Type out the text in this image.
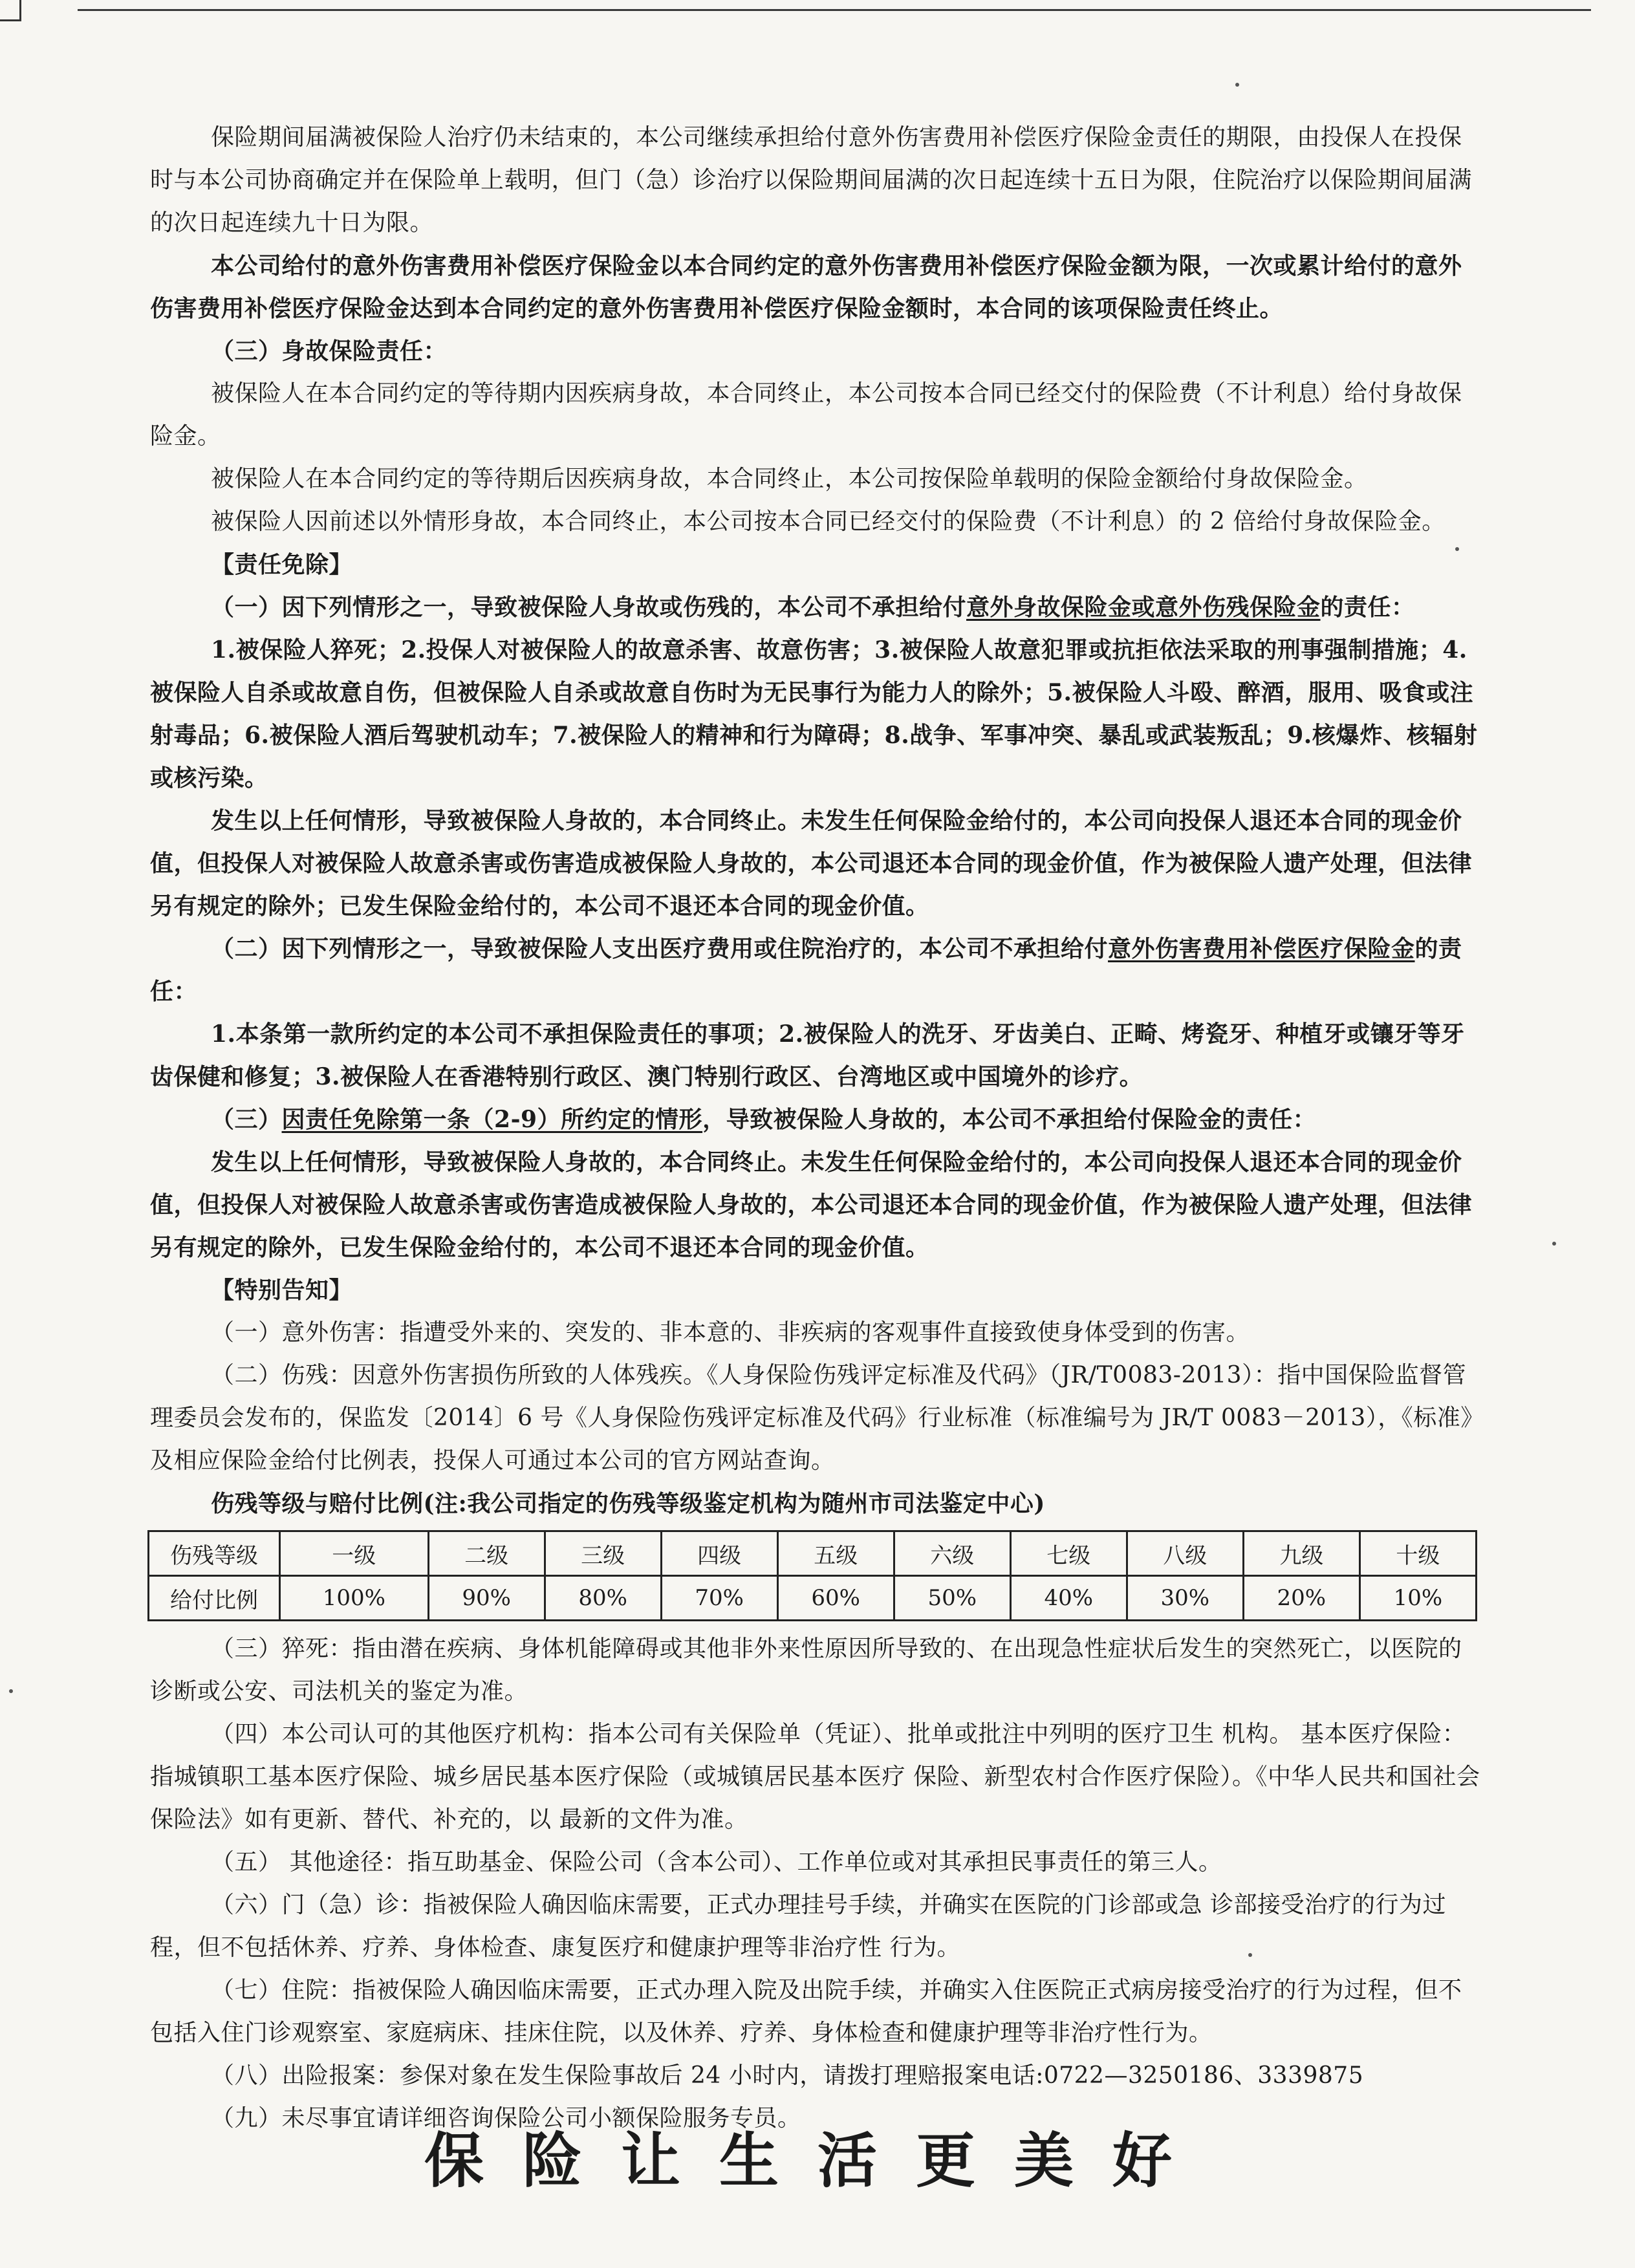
保险期间届满被保险人治疗仍未结束的，本公司继续承担给付意外伤害费用补偿医疗保险金责任的期限，由投保人在投保时与本公司协商确定并在保险单上载明，但门（急）诊治疗以保险期间届满的次日起连续十五日为限，住院治疗以保险期间届满的次日起连续九十日为限。

本公司给付的意外伤害费用补偿医疗保险金以本合同约定的意外伤害费用补偿医疗保险金额为限，一次或累计给付的意外伤害费用补偿医疗保险金达到本合同约定的意外伤害费用补偿医疗保险金额时，本合同的该项保险责任终止。

（三）身故保险责任：

被保险人在本合同约定的等待期内因疾病身故，本合同终止，本公司按本合同已经交付的保险费（不计利息）给付身故保险金。

被保险人在本合同约定的等待期后因疾病身故，本合同终止，本公司按保险单载明的保险金额给付身故保险金。

被保险人因前述以外情形身故，本合同终止，本公司按本合同已经交付的保险费（不计利息）的 2 倍给付身故保险金。

【责任免除】

（一）因下列情形之一，导致被保险人身故或伤残的，本公司不承担给付意外身故保险金或意外伤残保险金的责任：

1.被保险人猝死；2.投保人对被保险人的故意杀害、故意伤害；3.被保险人故意犯罪或抗拒依法采取的刑事强制措施；4.被保险人自杀或故意自伤，但被保险人自杀或故意自伤时为无民事行为能力人的除外；5.被保险人斗殴、醉酒，服用、吸食或注射毒品；6.被保险人酒后驾驶机动车；7.被保险人的精神和行为障碍；8.战争、军事冲突、暴乱或武装叛乱；9.核爆炸、核辐射或核污染。

发生以上任何情形，导致被保险人身故的，本合同终止。未发生任何保险金给付的，本公司向投保人退还本合同的现金价值，但投保人对被保险人故意杀害或伤害造成被保险人身故的，本公司退还本合同的现金价值，作为被保险人遗产处理，但法律另有规定的除外；已发生保险金给付的，本公司不退还本合同的现金价值。

（二）因下列情形之一，导致被保险人支出医疗费用或住院治疗的，本公司不承担给付意外伤害费用补偿医疗保险金的责任：

1.本条第一款所约定的本公司不承担保险责任的事项；2.被保险人的洗牙、牙齿美白、正畸、烤瓷牙、种植牙或镶牙等牙齿保健和修复；3.被保险人在香港特别行政区、澳门特别行政区、台湾地区或中国境外的诊疗。

（三）因责任免除第一条（2-9）所约定的情形，导致被保险人身故的，本公司不承担给付保险金的责任：

发生以上任何情形，导致被保险人身故的，本合同终止。未发生任何保险金给付的，本公司向投保人退还本合同的现金价值，但投保人对被保险人故意杀害或伤害造成被保险人身故的，本公司退还本合同的现金价值，作为被保险人遗产处理，但法律另有规定的除外，已发生保险金给付的，本公司不退还本合同的现金价值。

【特别告知】

（一）意外伤害：指遭受外来的、突发的、非本意的、非疾病的客观事件直接致使身体受到的伤害。

（二）伤残：因意外伤害损伤所致的人体残疾。《人身保险伤残评定标准及代码》（JR/T0083-2013）：指中国保险监督管理委员会发布的，保监发〔2014〕6 号《人身保险伤残评定标准及代码》行业标准（标准编号为 JR/T 0083－2013），《标准》及相应保险金给付比例表，投保人可通过本公司的官方网站查询。

伤残等级与赔付比例(注:我公司指定的伤残等级鉴定机构为随州市司法鉴定中心)

伤残等级	一级	二级	三级	四级	五级	六级	七级	八级	九级	十级
给付比例	100%	90%	80%	70%	60%	50%	40%	30%	20%	10%

（三）猝死：指由潜在疾病、身体机能障碍或其他非外来性原因所导致的、在出现急性症状后发生的突然死亡，以医院的诊断或公安、司法机关的鉴定为准。

（四）本公司认可的其他医疗机构：指本公司有关保险单（凭证）、批单或批注中列明的医疗卫生 机构。 基本医疗保险：指城镇职工基本医疗保险、城乡居民基本医疗保险（或城镇居民基本医疗 保险、新型农村合作医疗保险）。《中华人民共和国社会保险法》如有更新、替代、补充的，以 最新的文件为准。

（五） 其他途径：指互助基金、保险公司（含本公司）、工作单位或对其承担民事责任的第三人。

（六）门（急）诊：指被保险人确因临床需要，正式办理挂号手续，并确实在医院的门诊部或急 诊部接受治疗的行为过程，但不包括休养、疗养、身体检查、康复医疗和健康护理等非治疗性 行为。

（七）住院：指被保险人确因临床需要，正式办理入院及出院手续，并确实入住医院正式病房接受治疗的行为过程，但不包括入住门诊观察室、家庭病床、挂床住院，以及休养、疗养、身体检查和健康护理等非治疗性行为。

（八）出险报案：参保对象在发生保险事故后 24 小时内，请拨打理赔报案电话:0722—3250186、3339875

（九）未尽事宜请详细咨询保险公司小额保险服务专员。

保险让生活更美好
